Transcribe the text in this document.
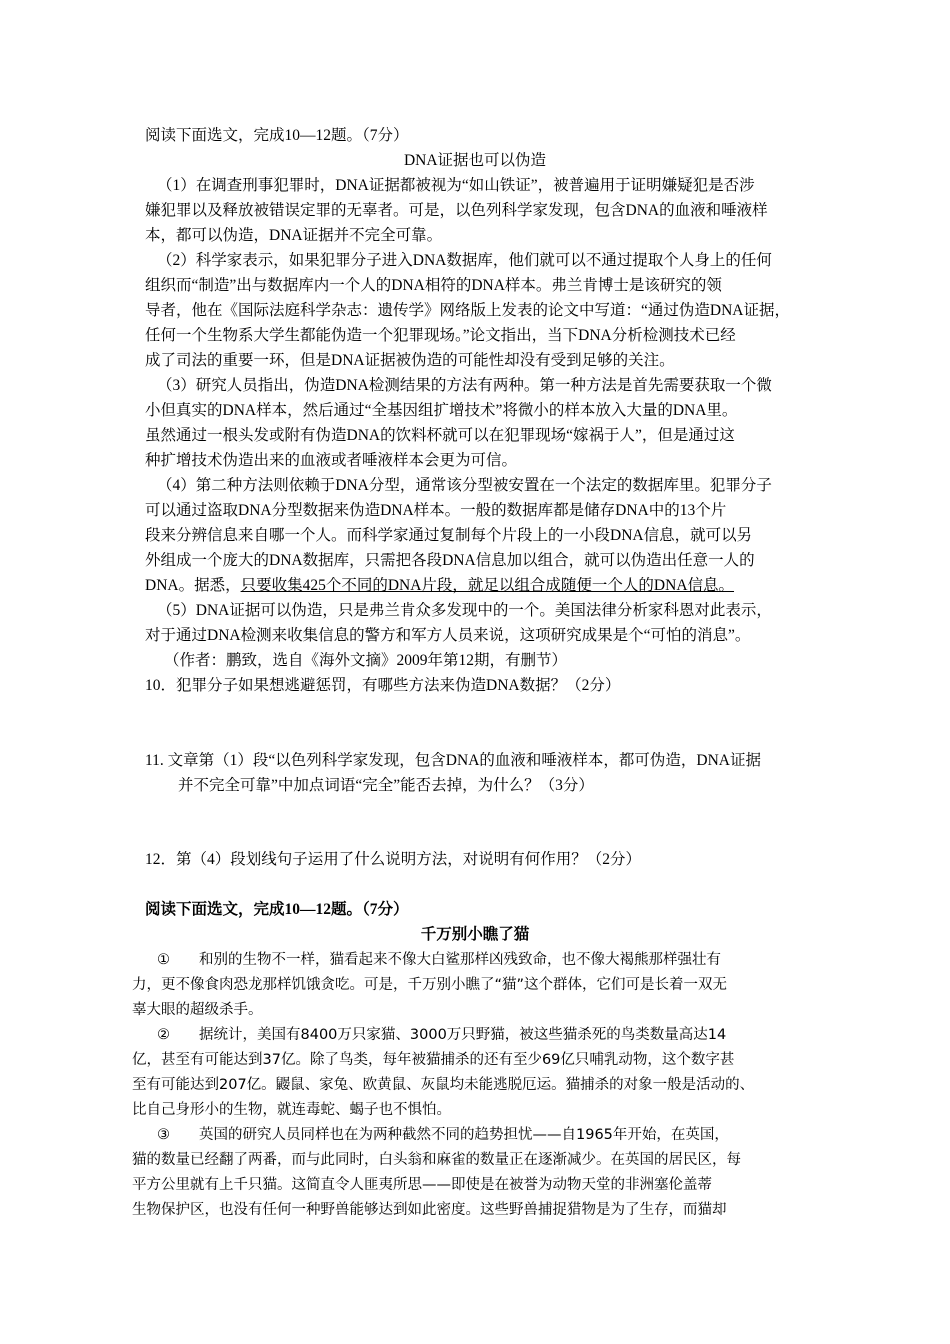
阅读下面选文，完成10—12题。（7分）
DNA证据也可以伪造
（1）在调查刑事犯罪时，DNA证据都被视为“如山铁证”，被普遍用于证明嫌疑犯是否涉
嫌犯罪以及释放被错误定罪的无辜者。可是，以色列科学家发现，包含DNA的血液和唾液样
本，都可以伪造，DNA证据并不完全可靠。
（2）科学家表示，如果犯罪分子进入DNA数据库，他们就可以不通过提取个人身上的任何
组织而“制造”出与数据库内一个人的DNA相符的DNA样本。弗兰肯博士是该研究的领
导者，他在《国际法庭科学杂志：遗传学》网络版上发表的论文中写道：“通过伪造DNA证据，
任何一个生物系大学生都能伪造一个犯罪现场。”论文指出，当下DNA分析检测技术已经
成了司法的重要一环，但是DNA证据被伪造的可能性却没有受到足够的关注。
（3）研究人员指出，伪造DNA检测结果的方法有两种。第一种方法是首先需要获取一个微
小但真实的DNA样本，然后通过“全基因组扩增技术”将微小的样本放入大量的DNA里。
虽然通过一根头发或附有伪造DNA的饮料杯就可以在犯罪现场“嫁祸于人”，但是通过这
种扩增技术伪造出来的血液或者唾液样本会更为可信。
（4）第二种方法则依赖于DNA分型，通常该分型被安置在一个法定的数据库里。犯罪分子
可以通过盗取DNA分型数据来伪造DNA样本。一般的数据库都是储存DNA中的13个片
段来分辨信息来自哪一个人。而科学家通过复制每个片段上的一小段DNA信息，就可以另
外组成一个庞大的DNA数据库，只需把各段DNA信息加以组合，就可以伪造出任意一人的
DNA。据悉，只要收集425个不同的DNA片段，就足以组合成随便一个人的DNA信息。
（5）DNA证据可以伪造，只是弗兰肯众多发现中的一个。美国法律分析家科恩对此表示，
对于通过DNA检测来收集信息的警方和军方人员来说，这项研究成果是个“可怕的消息”。
（作者：鹏致，选自《海外文摘》2009年第12期，有删节）
10．犯罪分子如果想逃避惩罚，有哪些方法来伪造DNA数据？（2分）
11. 文章第（1）段“以色列科学家发现，包含DNA的血液和唾液样本，都可伪造，DNA证据
并不完全可靠”中加点词语“完全”能否去掉，为什么？（3分）
12．第（4）段划线句子运用了什么说明方法，对说明有何作用？（2分）
阅读下面选文，完成10—12题。（7分）
千万别小瞧了猫
①　　和别的生物不一样，猫看起来不像大白鲨那样凶残致命，也不像大褐熊那样强壮有
力，更不像食肉恐龙那样饥饿贪吃。可是，千万别小瞧了“猫”这个群体，它们可是长着一双无
辜大眼的超级杀手。
②　　据统计，美国有8400万只家猫、3000万只野猫，被这些猫杀死的鸟类数量高达14
亿，甚至有可能达到37亿。除了鸟类，每年被猫捕杀的还有至少69亿只哺乳动物，这个数字甚
至有可能达到207亿。鼹鼠、家兔、欧黄鼠、灰鼠均未能逃脱厄运。猫捕杀的对象一般是活动的、
比自己身形小的生物，就连毒蛇、蝎子也不惧怕。
③　　英国的研究人员同样也在为两种截然不同的趋势担忧——自1965年开始，在英国，
猫的数量已经翻了两番，而与此同时，白头翁和麻雀的数量正在逐渐减少。在英国的居民区，每
平方公里就有上千只猫。这简直令人匪夷所思——即使是在被誉为动物天堂的非洲塞伦盖蒂
生物保护区，也没有任何一种野兽能够达到如此密度。这些野兽捕捉猎物是为了生存，而猫却
